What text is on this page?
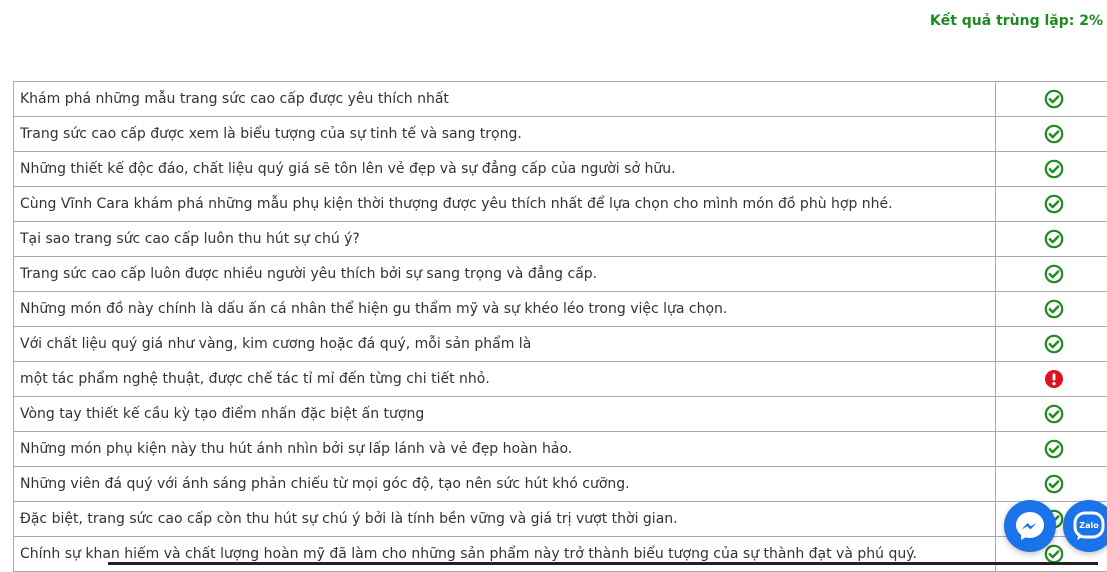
Kết quả trùng lặp: 2%
Khám phá những mẫu trang sức cao cấp được yêu thích nhất	
Trang sức cao cấp được xem là biểu tượng của sự tinh tế và sang trọng.	
Những thiết kế độc đáo, chất liệu quý giá sẽ tôn lên vẻ đẹp và sự đẳng cấp của người sở hữu.	
Cùng Vĩnh Cara khám phá những mẫu phụ kiện thời thượng được yêu thích nhất để lựa chọn cho mình món đồ phù hợp nhé.	
Tại sao trang sức cao cấp luôn thu hút sự chú ý?	
Trang sức cao cấp luôn được nhiều người yêu thích bởi sự sang trọng và đẳng cấp.	
Những món đồ này chính là dấu ấn cá nhân thể hiện gu thẩm mỹ và sự khéo léo trong việc lựa chọn.	
Với chất liệu quý giá như vàng, kim cương hoặc đá quý, mỗi sản phẩm là	
một tác phẩm nghệ thuật, được chế tác tỉ mỉ đến từng chi tiết nhỏ.	
Vòng tay thiết kế cầu kỳ tạo điểm nhấn đặc biệt ấn tượng	
Những món phụ kiện này thu hút ánh nhìn bởi sự lấp lánh và vẻ đẹp hoàn hảo.	
Những viên đá quý với ánh sáng phản chiếu từ mọi góc độ, tạo nên sức hút khó cưỡng.	
Đặc biệt, trang sức cao cấp còn thu hút sự chú ý bởi là tính bền vững và giá trị vượt thời gian.	
Chính sự khan hiếm và chất lượng hoàn mỹ đã làm cho những sản phẩm này trở thành biểu tượng của sự thành đạt và phú quý.	
Zalo
